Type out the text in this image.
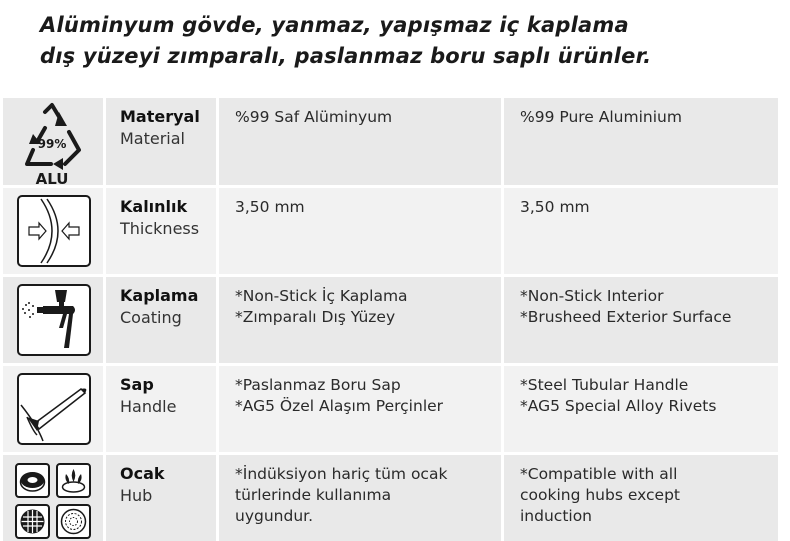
Alüminyum gövde, yanmaz, yapışmaz iç kaplama
dış yüzeyi zımparalı, paslanmaz boru saplı ürünler.
99%
ALU
Materyal
Material
%99 Saf Alüminyum	%99 Pure Aluminium
Kalınlık
Thickness
3,50 mm	3,50 mm
Kaplama
Coating
*Non-Stick İç Kaplama
*Zımparalı Dış Yüzey
*Non-Stick Interior
*Brusheed Exterior Surface
Sap
Handle
*Paslanmaz Boru Sap
*AG5 Özel Alaşım Perçinler
*Steel Tubular Handle
*AG5 Special Alloy Rivets
Ocak
Hub
*İndüksiyon hariç tüm ocak
türlerinde kullanıma
uygundur.
*Compatible with all
cooking hubs except
induction
